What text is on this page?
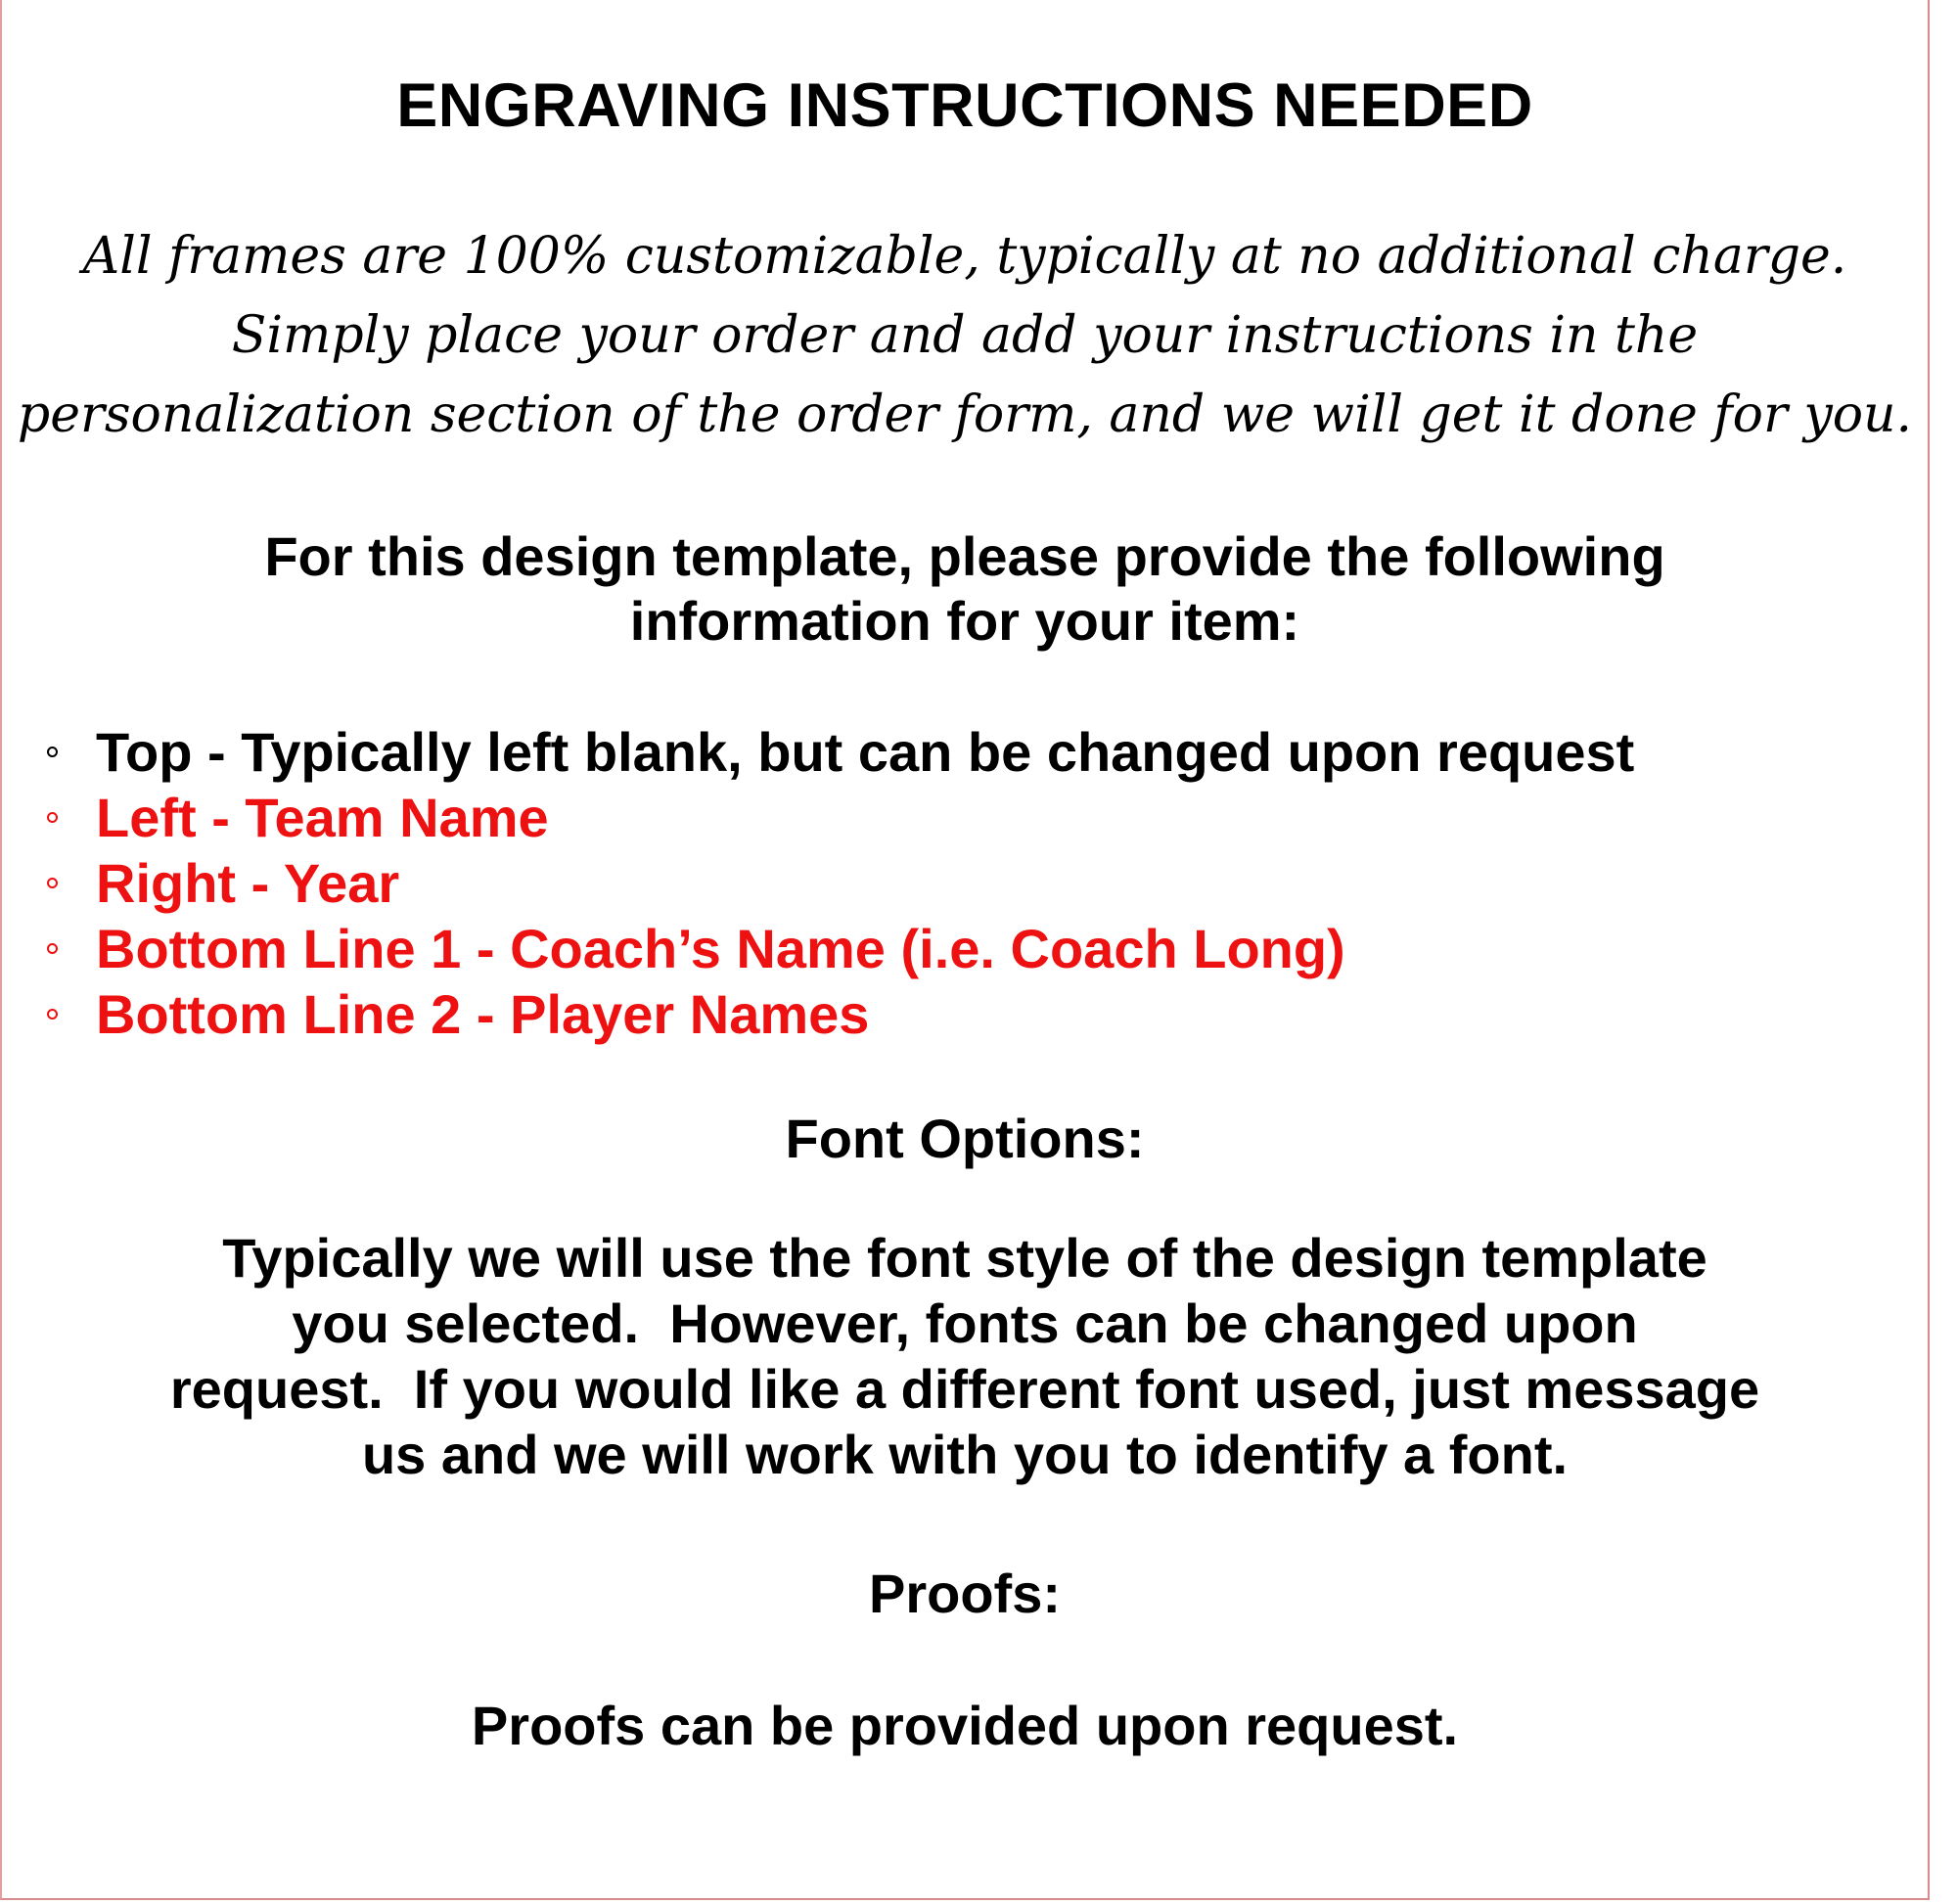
ENGRAVING INSTRUCTIONS NEEDED
All frames are 100% customizable, typically at no additional charge.
Simply place your order and add your instructions in the
personalization section of the order form, and we will get it done for you.
For this design template, please provide the following
information for your item:
Top - Typically left blank, but can be changed upon request
Left - Team Name
Right - Year
Bottom Line 1 - Coach’s Name (i.e. Coach Long)
Bottom Line 2 - Player Names
Font Options:
Typically we will use the font style of the design template
you selected.  However, fonts can be changed upon
request.  If you would like a different font used, just message
us and we will work with you to identify a font.
Proofs:
Proofs can be provided upon request.
